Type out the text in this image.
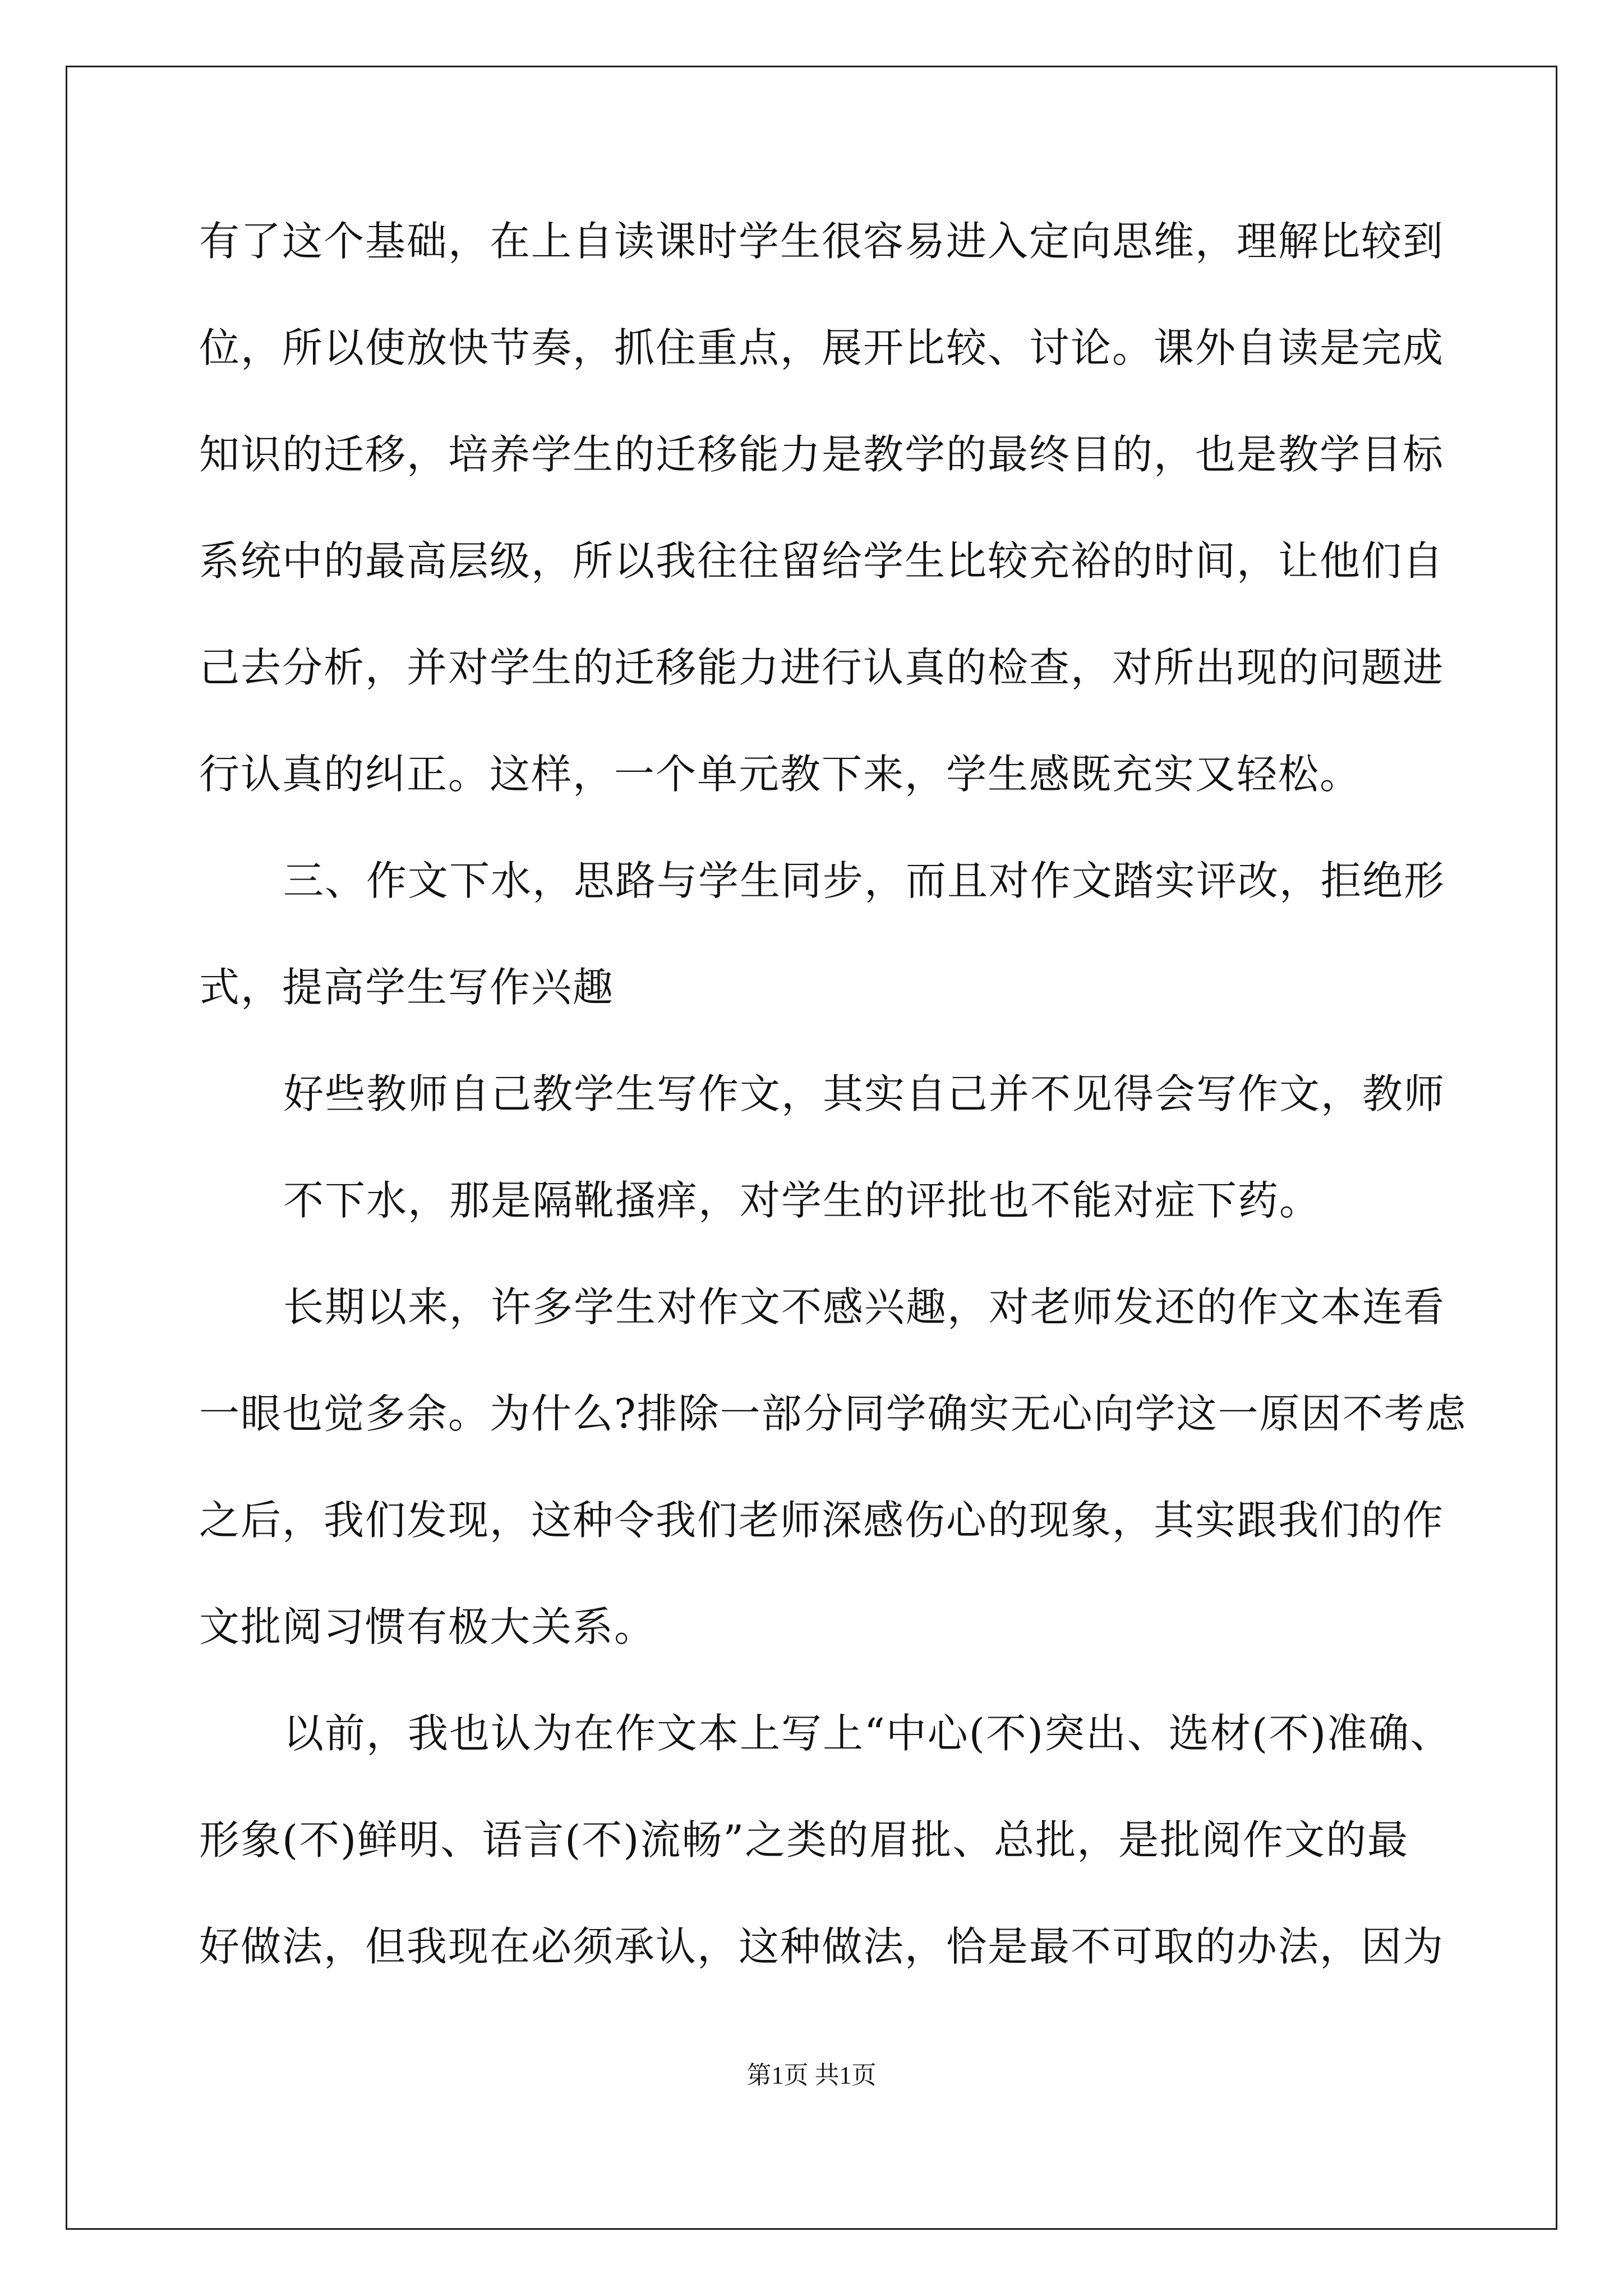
有了这个基础，在上自读课时学生很容易进入定向思维，理解比较到
位，所以使放快节奏，抓住重点，展开比较、讨论。课外自读是完成
知识的迁移，培养学生的迁移能力是教学的最终目的，也是教学目标
系统中的最高层级，所以我往往留给学生比较充裕的时间，让他们自
己去分析，并对学生的迁移能力进行认真的检查，对所出现的问题进
行认真的纠正。这样，一个单元教下来，学生感既充实又轻松。
三、作文下水，思路与学生同步，而且对作文踏实评改，拒绝形
式，提高学生写作兴趣
好些教师自己教学生写作文，其实自己并不见得会写作文，教师
不下水，那是隔靴搔痒，对学生的评批也不能对症下药。
长期以来，许多学生对作文不感兴趣，对老师发还的作文本连看
一眼也觉多余。为什么?排除一部分同学确实无心向学这一原因不考虑
之后，我们发现，这种令我们老师深感伤心的现象，其实跟我们的作
文批阅习惯有极大关系。
以前，我也认为在作文本上写上“中心(不)突出、选材(不)准确、
形象(不)鲜明、语言(不)流畅”之类的眉批、总批，是批阅作文的最
好做法，但我现在必须承认，这种做法，恰是最不可取的办法，因为
第1页 共1页
